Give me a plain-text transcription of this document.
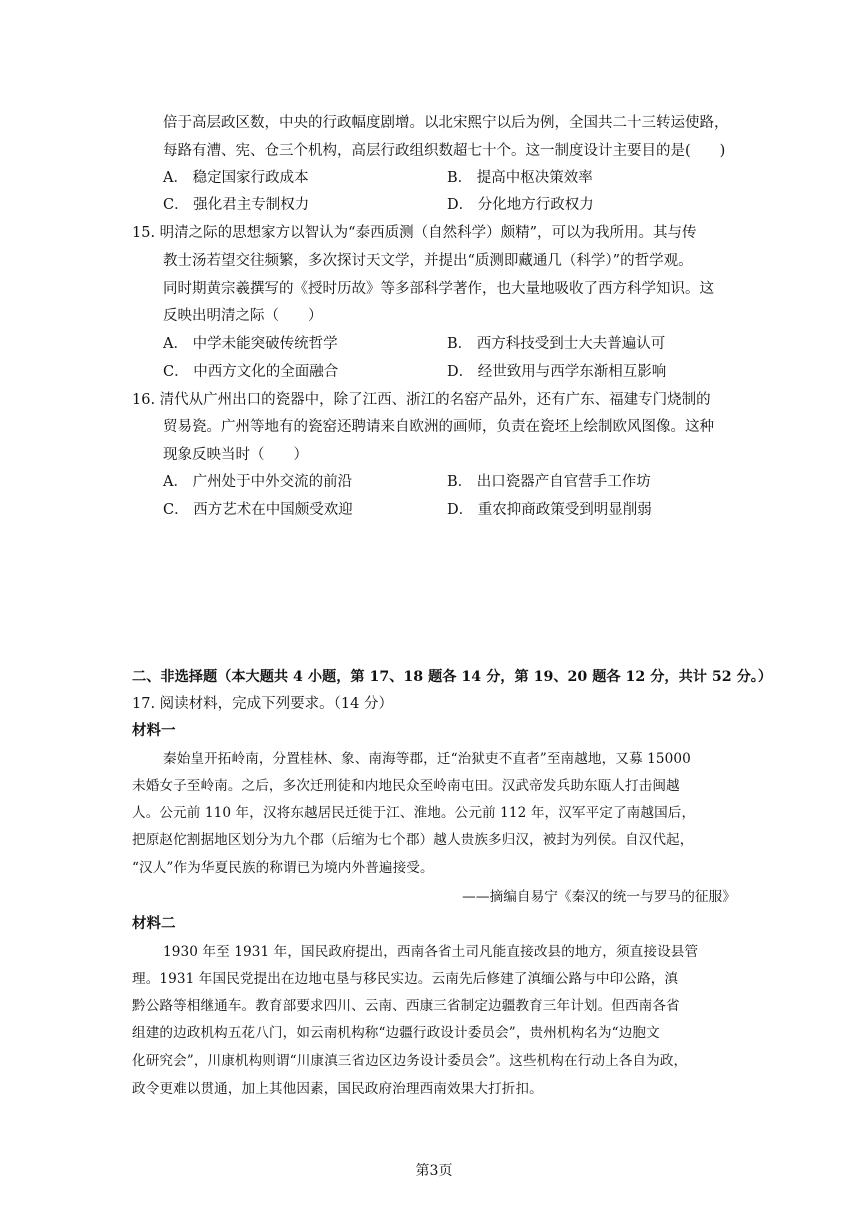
倍于高层政区数，中央的行政幅度剧增。以北宋熙宁以后为例，全国共二十三转运使路，
每路有漕、宪、仓三个机构，高层行政组织数超七十个。这一制度设计主要目的是(　　)
A． 稳定国家行政成本	B． 提高中枢决策效率
C． 强化君主专制权力	D． 分化地方行政权力
15. 明清之际的思想家方以智认为“泰西质测（自然科学）颇精”，可以为我所用。其与传
教士汤若望交往频繁，多次探讨天文学，并提出“质测即藏通几（科学）”的哲学观。
同时期黄宗羲撰写的《授时历故》等多部科学著作，也大量地吸收了西方科学知识。这
反映出明清之际（　　）
A． 中学未能突破传统哲学	B． 西方科技受到士大夫普遍认可
C． 中西方文化的全面融合	D． 经世致用与西学东渐相互影响
16. 清代从广州出口的瓷器中，除了江西、浙江的名窑产品外，还有广东、福建专门烧制的
贸易瓷。广州等地有的瓷窑还聘请来自欧洲的画师，负责在瓷坯上绘制欧风图像。这种
现象反映当时（　　）
A． 广州处于中外交流的前沿	B． 出口瓷器产自官营手工作坊
C． 西方艺术在中国颇受欢迎	D． 重农抑商政策受到明显削弱
二、非选择题（本大题共 4 小题，第 17、18 题各 14 分，第 19、20 题各 12 分，共计 52 分。）
17. 阅读材料，完成下列要求。（14 分）
材料一
秦始皇开拓岭南，分置桂林、象、南海等郡，迁“治狱吏不直者”至南越地，又募 15000
未婚女子至岭南。之后，多次迁刑徒和内地民众至岭南屯田。汉武帝发兵助东瓯人打击闽越
人。公元前 110 年，汉将东越居民迁徙于江、淮地。公元前 112 年，汉军平定了南越国后，
把原赵佗割据地区划分为九个郡（后缩为七个郡）越人贵族多归汉，被封为列侯。自汉代起，
“汉人”作为华夏民族的称谓已为境内外普遍接受。
——摘编自易宁《秦汉的统一与罗马的征服》
材料二
1930 年至 1931 年，国民政府提出，西南各省土司凡能直接改县的地方，须直接设县管
理。1931 年国民党提出在边地屯垦与移民实边。云南先后修建了滇缅公路与中印公路，滇
黔公路等相继通车。教育部要求四川、云南、西康三省制定边疆教育三年计划。但西南各省
组建的边政机构五花八门，如云南机构称“边疆行政设计委员会”，贵州机构名为“边胞文
化研究会”，川康机构则谓“川康滇三省边区边务设计委员会”。这些机构在行动上各自为政，
政令更难以贯通，加上其他因素，国民政府治理西南效果大打折扣。
第3页
